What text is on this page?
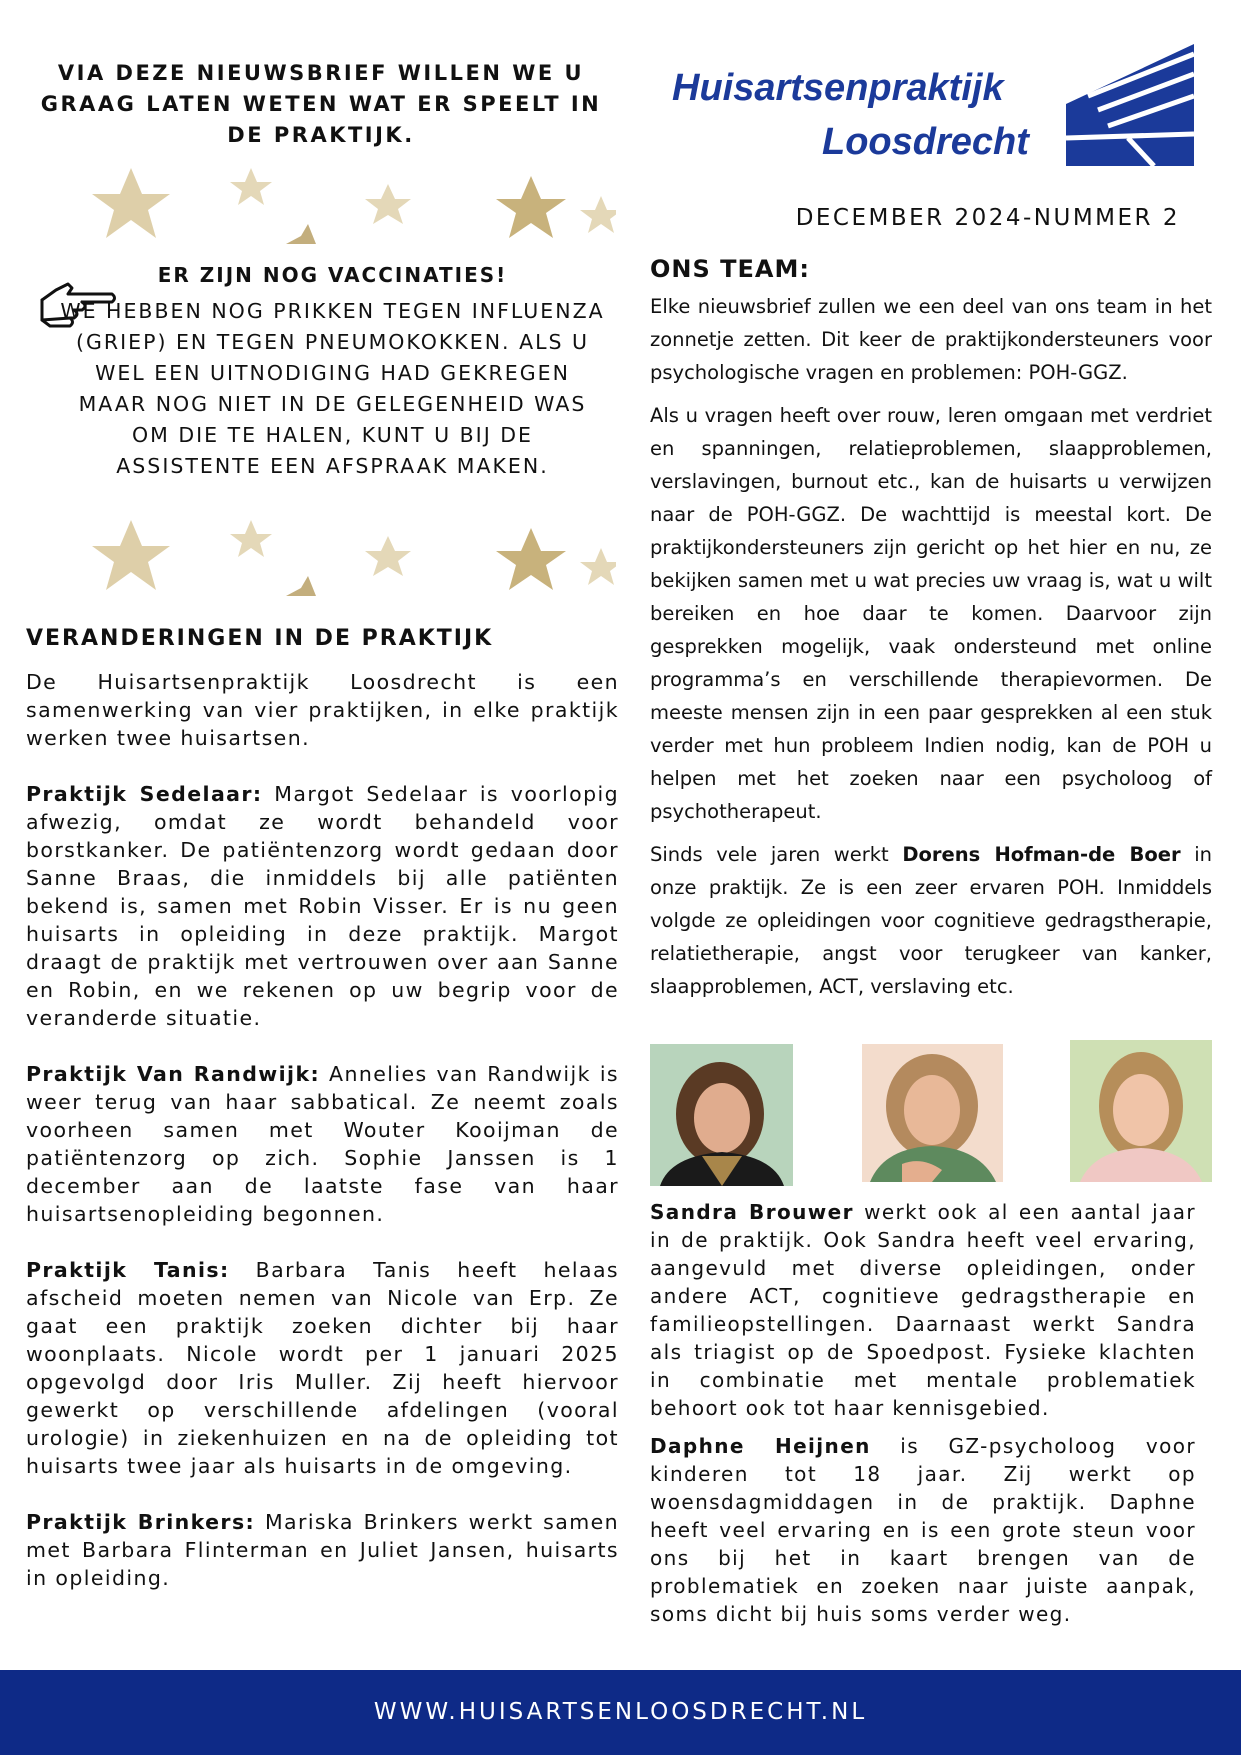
VIA DEZE NIEUWSBRIEF WILLEN WE U GRAAG LATEN WETEN WAT ER SPEELT IN DE PRAKTIJK.
ER ZIJN NOG VACCINATIES!
WE HEBBEN NOG PRIKKEN TEGEN INFLUENZA (GRIEP) EN TEGEN PNEUMOKOKKEN. ALS U WEL EEN UITNODIGING HAD GEKREGEN MAAR NOG NIET IN DE GELEGENHEID WAS OM DIE TE HALEN, KUNT U BIJ DE ASSISTENTE EEN AFSPRAAK MAKEN.
VERANDERINGEN IN DE PRAKTIJK

De Huisartsenpraktijk Loosdrecht is een samenwerking van vier praktijken, in elke praktijk werken twee huisartsen.

Praktijk Sedelaar: Margot Sedelaar is voorlopig afwezig, omdat ze wordt behandeld voor borstkanker. De patiëntenzorg wordt gedaan door Sanne Braas, die inmiddels bij alle patiënten bekend is, samen met Robin Visser. Er is nu geen huisarts in opleiding in deze praktijk. Margot draagt de praktijk met vertrouwen over aan Sanne en Robin, en we rekenen op uw begrip voor de veranderde situatie.

Praktijk Van Randwijk: Annelies van Randwijk is weer terug van haar sabbatical. Ze neemt zoals voorheen samen met Wouter Kooijman de patiëntenzorg op zich. Sophie Janssen is 1 december aan de laatste fase van haar huisartsenopleiding begonnen.

Praktijk Tanis: Barbara Tanis heeft helaas afscheid moeten nemen van Nicole van Erp. Ze gaat een praktijk zoeken dichter bij haar woonplaats. Nicole wordt per 1 januari 2025 opgevolgd door Iris Muller. Zij heeft hiervoor gewerkt op verschillende afdelingen (vooral urologie) in ziekenhuizen en na de opleiding tot huisarts twee jaar als huisarts in de omgeving.

Praktijk Brinkers: Mariska Brinkers werkt samen met Barbara Flinterman en Juliet Jansen, huisarts in opleiding.

Huisartsenpraktijk
Loosdrecht
DECEMBER 2024-NUMMER 2
ONS TEAM:

Elke nieuwsbrief zullen we een deel van ons team in het zonnetje zetten. Dit keer de praktijkondersteuners voor psychologische vragen en problemen: POH-GGZ.

Als u vragen heeft over rouw, leren omgaan met verdriet en spanningen, relatieproblemen, slaapproblemen, verslavingen, burnout etc., kan de huisarts u verwijzen naar de POH-GGZ. De wachttijd is meestal kort. De praktijkondersteuners zijn gericht op het hier en nu, ze bekijken samen met u wat precies uw vraag is, wat u wilt bereiken en hoe daar te komen. Daarvoor zijn gesprekken mogelijk, vaak ondersteund met online programma’s en verschillende therapievormen. De meeste mensen zijn in een paar gesprekken al een stuk verder met hun probleem Indien nodig, kan de POH u helpen met het zoeken naar een psycholoog of psychotherapeut.

Sinds vele jaren werkt Dorens Hofman-de Boer in onze praktijk. Ze is een zeer ervaren POH. Inmiddels volgde ze opleidingen voor cognitieve gedragstherapie, relatietherapie, angst voor terugkeer van kanker, slaapproblemen, ACT, verslaving etc.

Sandra Brouwer werkt ook al een aantal jaar in de praktijk. Ook Sandra heeft veel ervaring, aangevuld met diverse opleidingen, onder andere ACT, cognitieve gedragstherapie en familieopstellingen. Daarnaast werkt Sandra als triagist op de Spoedpost. Fysieke klachten in combinatie met mentale problematiek behoort ook tot haar kennisgebied.

Daphne Heijnen is GZ-psycholoog voor kinderen tot 18 jaar. Zij werkt op woensdagmiddagen in de praktijk. Daphne heeft veel ervaring en is een grote steun voor ons bij het in kaart brengen van de problematiek en zoeken naar juiste aanpak, soms dicht bij huis soms verder weg.

WWW.HUISARTSENLOOSDRECHT.NL
